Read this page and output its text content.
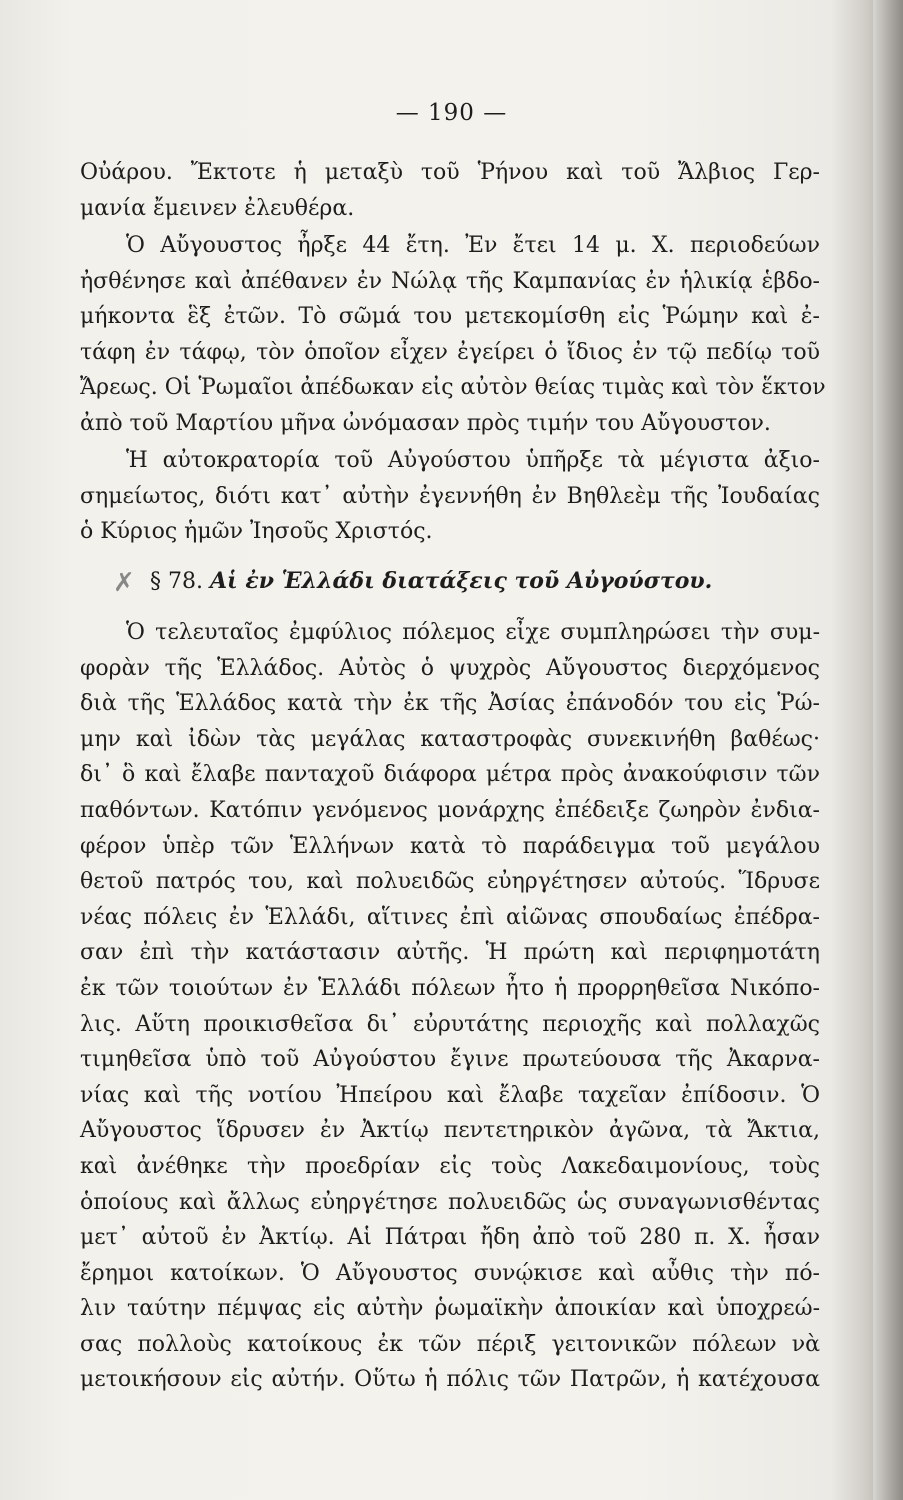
— 190 —
Οὐάρου. Ἔκτοτε ἡ μεταξὺ τοῦ Ῥήνου καὶ τοῦ Ἄλβιος Γερ-
μανία ἔμεινεν ἐλευθέρα.
Ὁ Αὔγουστος ἦρξε 44 ἔτη. Ἐν ἔτει 14 μ. Χ. περιοδεύων
ἠσθένησε καὶ ἀπέθανεν ἐν Νώλᾳ τῆς Καμπανίας ἐν ἡλικίᾳ ἑβδο-
μήκοντα ἓξ ἐτῶν. Τὸ σῶμά του μετεκομίσθη εἰς Ῥώμην καὶ ἐ-
τάφη ἐν τάφῳ, τὸν ὁποῖον εἶχεν ἐγείρει ὁ ἴδιος ἐν τῷ πεδίῳ τοῦ
Ἄρεως. Οἱ Ῥωμαῖοι ἀπέδωκαν εἰς αὐτὸν θείας τιμὰς καὶ τὸν ἕκτον
ἀπὸ τοῦ Μαρτίου μῆνα ὠνόμασαν πρὸς τιμήν του Αὔγουστον.
Ἡ αὐτοκρατορία τοῦ Αὐγούστου ὑπῆρξε τὰ μέγιστα ἀξιο-
σημείωτος, διότι κατ᾽ αὐτὴν ἐγεννήθη ἐν Βηθλεὲμ τῆς Ἰουδαίας
ὁ Κύριος ἡμῶν Ἰησοῦς Χριστός.
✗ § 78. Αἱ ἐν Ἑλλάδι διατάξεις τοῦ Αὐγούστου.
Ὁ τελευταῖος ἐμφύλιος πόλεμος εἶχε συμπληρώσει τὴν συμ-
φορὰν τῆς Ἑλλάδος. Αὐτὸς ὁ ψυχρὸς Αὔγουστος διερχόμενος
διὰ τῆς Ἑλλάδος κατὰ τὴν ἐκ τῆς Ἀσίας ἐπάνοδόν του εἰς Ῥώ-
μην καὶ ἰδὼν τὰς μεγάλας καταστροφὰς συνεκινήθη βαθέως·
δι᾽ ὃ καὶ ἔλαβε πανταχοῦ διάφορα μέτρα πρὸς ἀνακούφισιν τῶν
παθόντων. Κατόπιν γενόμενος μονάρχης ἐπέδειξε ζωηρὸν ἐνδια-
φέρον ὑπὲρ τῶν Ἑλλήνων κατὰ τὸ παράδειγμα τοῦ μεγάλου
θετοῦ πατρός του, καὶ πολυειδῶς εὐηργέτησεν αὐτούς. Ἵδρυσε
νέας πόλεις ἐν Ἑλλάδι, αἵτινες ἐπὶ αἰῶνας σπουδαίως ἐπέδρα-
σαν ἐπὶ τὴν κατάστασιν αὐτῆς. Ἡ πρώτη καὶ περιφημοτάτη
ἐκ τῶν τοιούτων ἐν Ἑλλάδι πόλεων ἦτο ἡ προρρηθεῖσα Νικόπο-
λις. Αὕτη προικισθεῖσα δι᾽ εὐρυτάτης περιοχῆς καὶ πολλαχῶς
τιμηθεῖσα ὑπὸ τοῦ Αὐγούστου ἔγινε πρωτεύουσα τῆς Ἀκαρνα-
νίας καὶ τῆς νοτίου Ἠπείρου καὶ ἔλαβε ταχεῖαν ἐπίδοσιν. Ὁ
Αὔγουστος ἵδρυσεν ἐν Ἀκτίῳ πεντετηρικὸν ἀγῶνα, τὰ Ἄκτια,
καὶ ἀνέθηκε τὴν προεδρίαν εἰς τοὺς Λακεδαιμονίους, τοὺς
ὁποίους καὶ ἄλλως εὐηργέτησε πολυειδῶς ὡς συναγωνισθέντας
μετ᾽ αὐτοῦ ἐν Ἀκτίῳ. Αἱ Πάτραι ἤδη ἀπὸ τοῦ 280 π. Χ. ἦσαν
ἔρημοι κατοίκων. Ὁ Αὔγουστος συνῴκισε καὶ αὖθις τὴν πό-
λιν ταύτην πέμψας εἰς αὐτὴν ῥωμαϊκὴν ἀποικίαν καὶ ὑποχρεώ-
σας πολλοὺς κατοίκους ἐκ τῶν πέριξ γειτονικῶν πόλεων νὰ
μετοικήσουν εἰς αὐτήν. Οὕτω ἡ πόλις τῶν Πατρῶν, ἡ κατέχουσα
